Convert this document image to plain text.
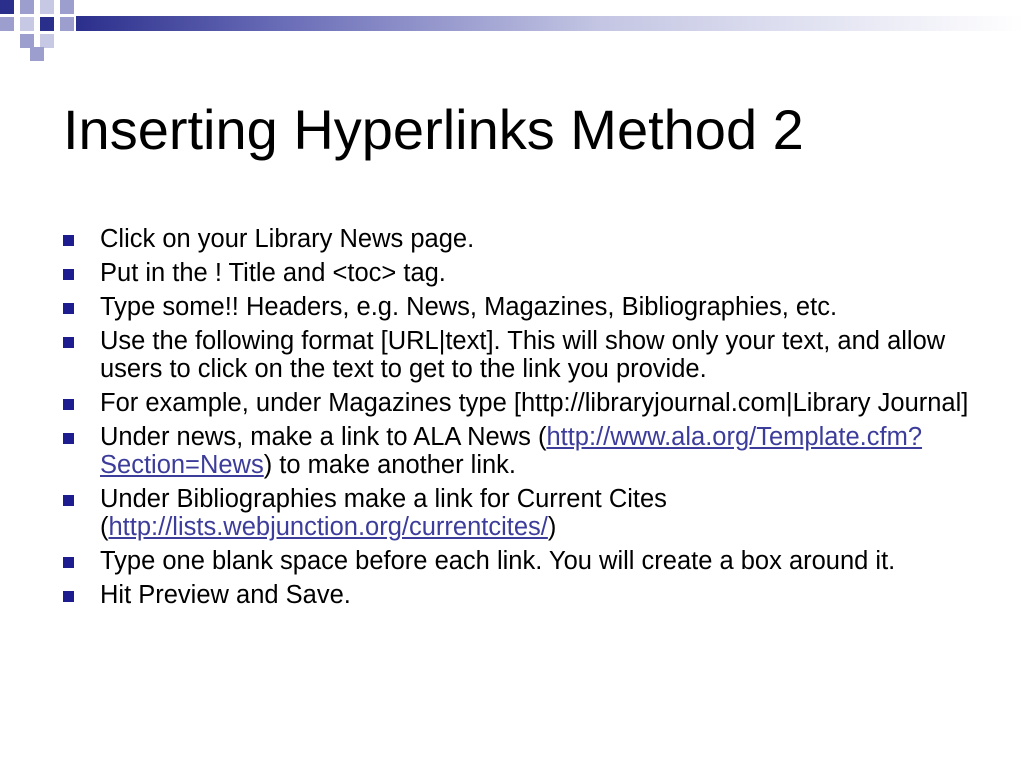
Inserting Hyperlinks Method 2
Click on your Library News page.
Put in the ! Title and <toc> tag.
Type some!! Headers, e.g. News, Magazines, Bibliographies, etc.
Use the following format [URL|text]. This will show only your text, and allow users to click on the text to get to the link you provide.
For example, under Magazines type [http://libraryjournal.com|Library Journal]
Under news, make a link to ALA News (http://www.ala.org/Template.cfm?Section=News) to make another link.
Under Bibliographies make a link for Current Cites (http://lists.webjunction.org/currentcites/)
Type one blank space before each link. You will create a box around it.
Hit Preview and Save.
